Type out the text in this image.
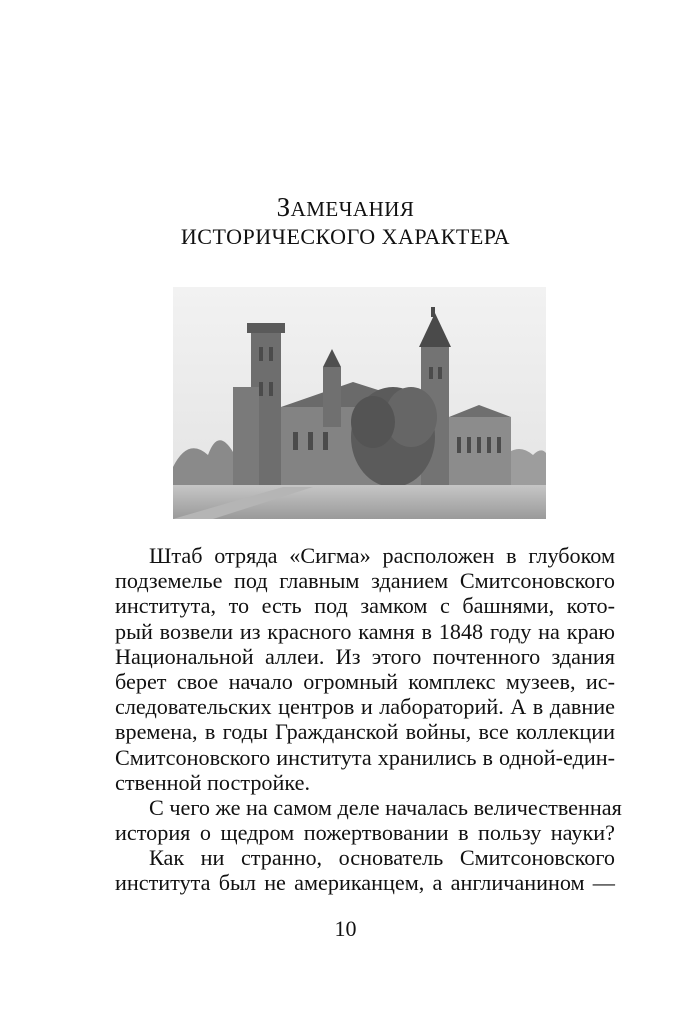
ЗАМЕЧАНИЯ
ИСТОРИЧЕСКОГО ХАРАКТЕРА
Штаб отряда «Сигма» расположен в глубоком
подземелье под главным зданием Смитсоновского
института, то есть под замком с башнями, кото-
рый возвели из красного камня в 1848 году на краю
Национальной аллеи. Из этого почтенного здания
берет свое начало огромный комплекс музеев, ис-
следовательских центров и лабораторий. А в давние
времена, в годы Гражданской войны, все коллекции
Смитсоновского института хранились в одной-един-
ственной постройке.
С чего же на самом деле началась величественная
история о щедром пожертвовании в пользу науки?
Как ни странно, основатель Смитсоновского
института был не американцем, а англичанином —
10
